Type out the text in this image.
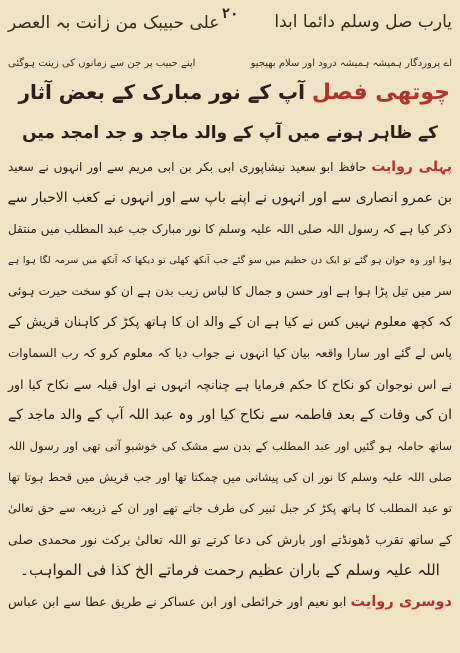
۲۰	یارب صل وسلم دائما ابدا
علی حبیبک من زانت بہ العصر
اے پروردگار ہمیشہ ہمیشہ درود اور سلام بھیجیو
اپنے حبیب پر جن سے زمانوں کی زینت ہوگئی
چوتھی فصل آپ کے نور مبارک کے بعض آثار
کے ظاہر ہونے میں آپ کے والد ماجد و جد امجد میں
پہلی روایت حافظ ابو سعید نیشاپوری ابی بکر بن ابی مریم سے اور انہوں نے سعید
بن عمرو انصاری سے اور انہوں نے اپنے باپ سے اور انہوں نے کعب الاحبار سے
ذکر کیا ہے کہ رسول اللہ صلی اللہ علیہ وسلم کا نور مبارک جب عبد المطلب میں منتقل
ہوا اور وہ جوان ہو گئے تو ایک دن حطیم میں سو گئے جب آنکھ کھلی تو دیکھا کہ آنکھ میں سرمہ لگا ہوا ہے
سر میں تیل پڑا ہوا ہے اور حسن و جمال کا لباس زیب بدن ہے ان کو سخت حیرت ہوئی
کہ کچھ معلوم نہیں کس نے کیا ہے ان کے والد ان کا ہاتھ پکڑ کر کاہنان قریش کے
پاس لے گئے اور سارا واقعہ بیان کیا انہوں نے جواب دیا کہ معلوم کرو کہ رب السماوات
نے اس نوجوان کو نکاح کا حکم فرمایا ہے چنانچہ انہوں نے اول قیلہ سے نکاح کیا اور
ان کی وفات کے بعد فاطمہ سے نکاح کیا اور وہ عبد اللہ آپ کے والد ماجد کے
ساتھ حاملہ ہو گئیں اور عبد المطلب کے بدن سے مشک کی خوشبو آتی تھی اور رسول اللہ
صلی اللہ علیہ وسلم کا نور ان کی پیشانی میں چمکتا تھا اور جب قریش میں قحط ہوتا تھا
تو عبد المطلب کا ہاتھ پکڑ کر جبل ثبیر کی طرف جاتے تھے اور ان کے ذریعہ سے حق تعالیٰ
کے ساتھ تقرب ڈھونڈتے اور بارش کی دعا کرتے تو اللہ تعالیٰ برکت نور محمدی صلی
اللہ علیہ وسلم کے باران عظیم رحمت فرماتے الخ کذا فی المواہب۔
دوسری روایت ابو نعیم اور خرائطی اور ابن عساکر نے طریق عطا سے ابن عباس
